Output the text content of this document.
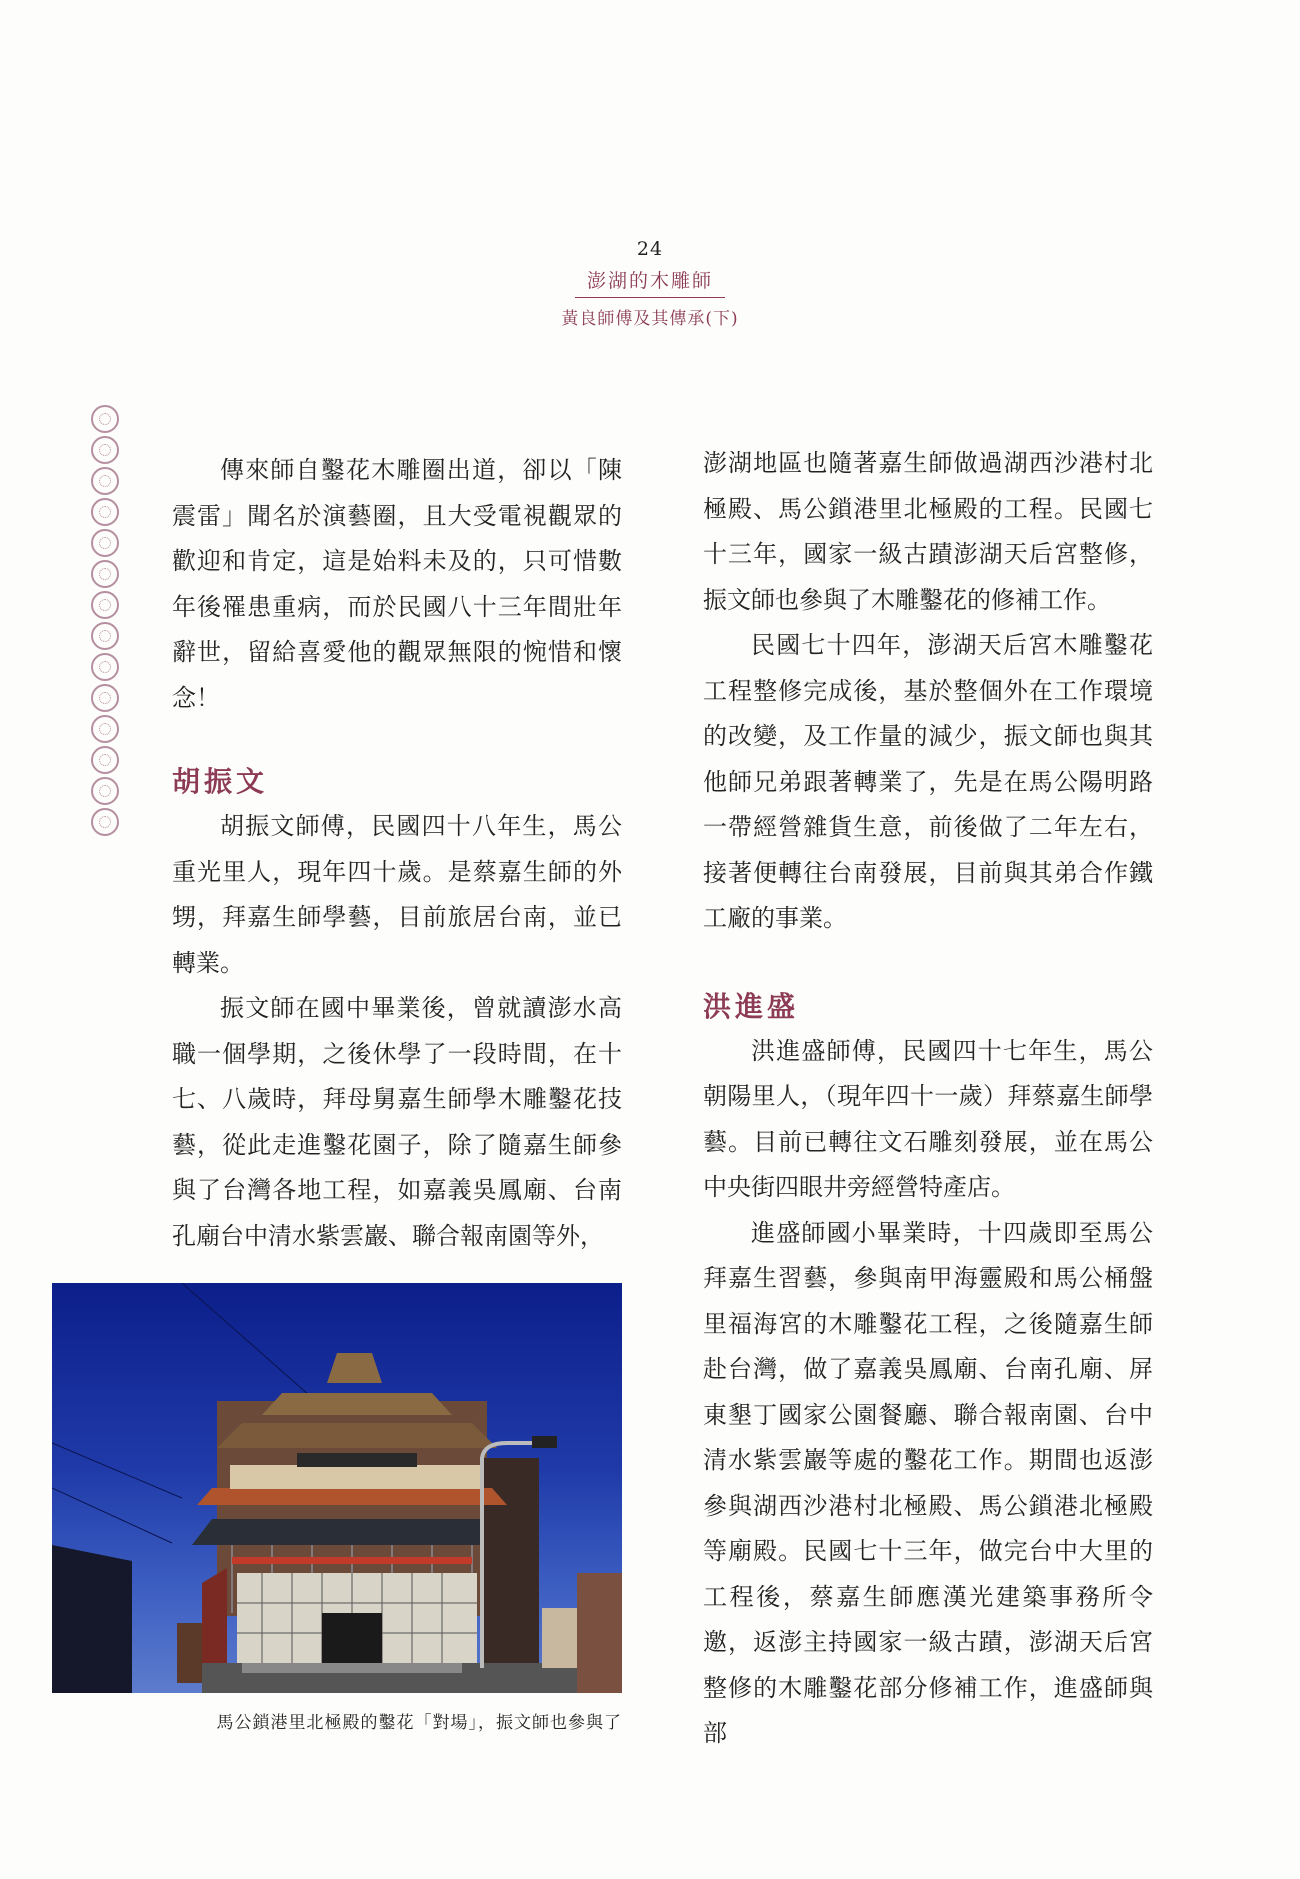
24
澎湖的木雕師
黃良師傅及其傳承(下)

傳來師自鑿花木雕圈出道，卻以「陳震雷」聞名於演藝圈，且大受電視觀眾的歡迎和肯定，這是始料未及的，只可惜數年後罹患重病，而於民國八十三年間壯年辭世，留給喜愛他的觀眾無限的惋惜和懷念！

胡振文

胡振文師傅，民國四十八年生，馬公重光里人，現年四十歲。是蔡嘉生師的外甥，拜嘉生師學藝，目前旅居台南，並已轉業。

振文師在國中畢業後，曾就讀澎水高職一個學期，之後休學了一段時間，在十七、八歲時，拜母舅嘉生師學木雕鑿花技藝，從此走進鑿花園子，除了隨嘉生師參與了台灣各地工程，如嘉義吳鳳廟、台南孔廟台中清水紫雲巖、聯合報南園等外，

澎湖地區也隨著嘉生師做過湖西沙港村北極殿、馬公鎖港里北極殿的工程。民國七十三年，國家一級古蹟澎湖天后宮整修，振文師也參與了木雕鑿花的修補工作。

民國七十四年，澎湖天后宮木雕鑿花工程整修完成後，基於整個外在工作環境的改變，及工作量的減少，振文師也與其他師兄弟跟著轉業了，先是在馬公陽明路一帶經營雜貨生意，前後做了二年左右，接著便轉往台南發展，目前與其弟合作鐵工廠的事業。

洪進盛

洪進盛師傅，民國四十七年生，馬公朝陽里人，（現年四十一歲）拜蔡嘉生師學藝。目前已轉往文石雕刻發展，並在馬公中央街四眼井旁經營特產店。

進盛師國小畢業時，十四歲即至馬公拜嘉生習藝，參與南甲海靈殿和馬公桶盤里福海宮的木雕鑿花工程，之後隨嘉生師赴台灣，做了嘉義吳鳳廟、台南孔廟、屏東墾丁國家公園餐廳、聯合報南園、台中清水紫雲巖等處的鑿花工作。期間也返澎參與湖西沙港村北極殿、馬公鎖港北極殿等廟殿。民國七十三年，做完台中大里的工程後，蔡嘉生師應漢光建築事務所令邀，返澎主持國家一級古蹟，澎湖天后宮整修的木雕鑿花部分修補工作，進盛師與部

馬公鎖港里北極殿的鑿花「對場」，振文師也參與了
